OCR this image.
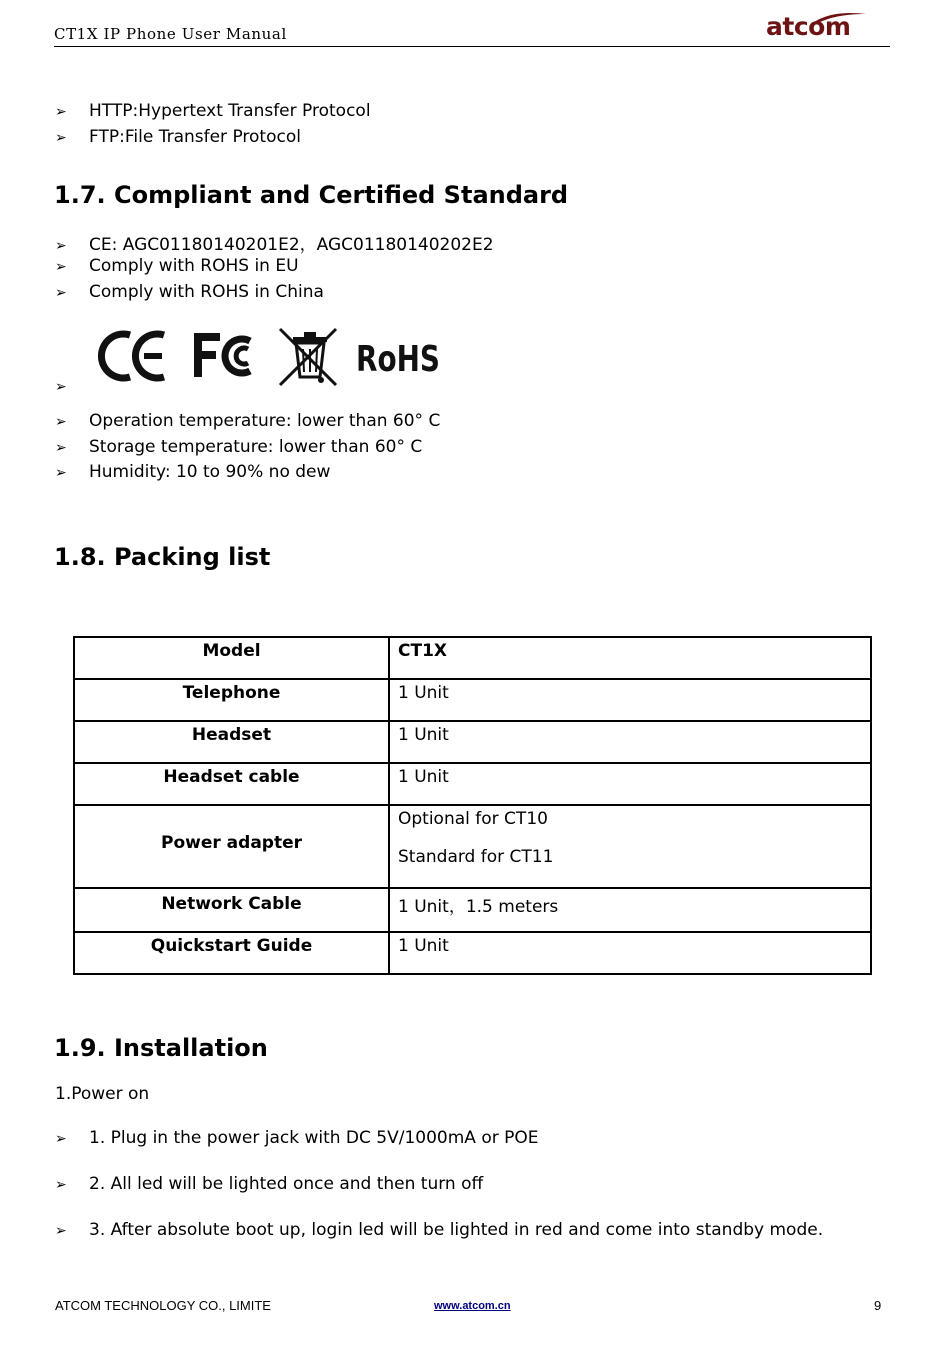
CT1X IP Phone User Manual	atcom
➢ HTTP:Hypertext Transfer Protocol
➢ FTP:File Transfer Protocol
1.7. Compliant and Certified Standard
➢ CE: AGC01180140201E2，AGC01180140202E2
➢ Comply with ROHS in EU
➢ Comply with ROHS in China
RoHS
➢
➢ Operation temperature: lower than 60° C
➢ Storage temperature: lower than 60° C
➢ Humidity: 10 to 90% no dew
1.8. Packing list
Model	CT1X
Telephone	1 Unit
Headset	1 Unit
Headset cable	1 Unit
Power adapter	Optional for CT10
Standard for CT11

Network Cable	1 Unit，1.5 meters
Quickstart Guide	1 Unit
1.9. Installation
1.Power on
➢ 1. Plug in the power jack with DC 5V/1000mA or POE
➢ 2. All led will be lighted once and then turn off
➢ 3. After absolute boot up, login led will be lighted in red and come into standby mode.
ATCOM TECHNOLOGY CO., LIMITE	www.atcom.cn	9
